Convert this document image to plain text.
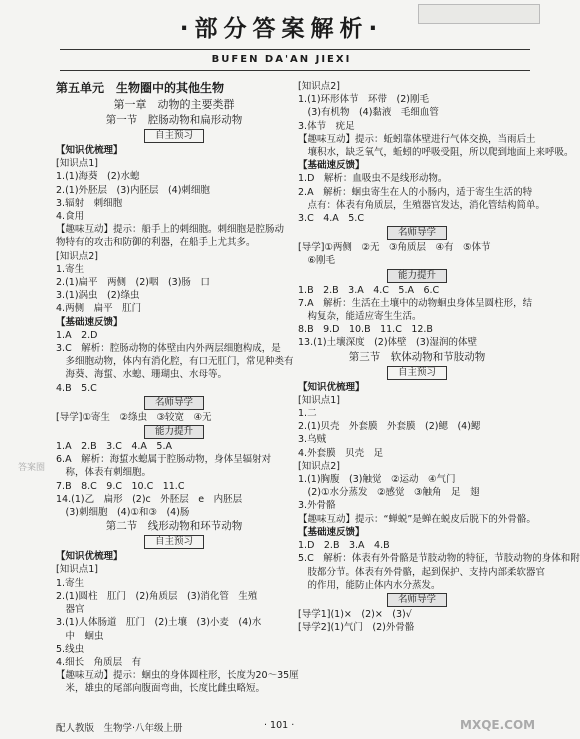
·部分答案解析·
BUFEN DA'AN JIEXI
第五单元　生物圈中的其他生物
第一章　动物的主要类群
第一节　腔肠动物和扁形动物
自主预习
【知识优梳理】
[知识点1]
1.(1)海葵　(2)水螅
2.(1)外胚层　(3)内胚层　(4)刺细胞
3.辐射　刺细胞
4.食用
【趣味互动】提示：船手上的刺细胞。刺细胞是腔肠动
物特有的攻击和防御的利器，在船手上尤其多。
[知识点2]
1.寄生
2.(1)扁平　两侧　(2)咽　(3)肠　口
3.(1)涡虫　(2)绦虫
4.两侧　扁平　肛门
【基础速反馈】
1.A　2.D
3.C　解析：腔肠动物的体壁由内外两层细胞构成，是
　多细胞动物，体内有消化腔，有口无肛门，常见种类有
　海葵、海蜇、水螅、珊瑚虫、水母等。
4.B　5.C
名师导学
[导学]①寄生　②绦虫　③较宽　④无
能力提升
1.A　2.B　3.C　4.A　5.A
6.A　解析：海蜇水螅属于腔肠动物，身体呈辐射对
　称，体表有刺细胞。
7.B　8.C　9.C　10.C　11.C
14.(1)乙　扁形　(2)c　外胚层　e　内胚层
　(3)刺细胞　(4)①和③　(4)肠
第二节　线形动物和环节动物
自主预习
【知识优梳理】
[知识点1]
1.寄生
2.(1)圆柱　肛门　(2)角质层　(3)消化管　生殖
　器官
3.(1)人体肠道　肛门　(2)土壤　(3)小麦　(4)水
　中　蛔虫
5.线虫
4.细长　角质层　有
【趣味互动】提示：蛔虫的身体圆柱形，长度为20～35厘
　米，雄虫的尾部向腹面弯曲，长度比雌虫略短。
[知识点2]
1.(1)环形体节　环带　(2)刚毛
　(3)有机物　(4)黏液　毛细血管
3.体节　疣足
【趣味互动】提示：蚯蚓靠体壁进行气体交换，当雨后土
　壤积水，缺乏氧气，蚯蚓的呼吸受阻，所以爬到地面上来呼吸。
【基础速反馈】
1.D　解析：血吸虫不是线形动物。
2.A　解析：蛔虫寄生在人的小肠内，适于寄生生活的特
　点有：体表有角质层，生殖器官发达，消化管结构简单。
3.C　4.A　5.C
名师导学
[导学]①两侧　②无　③角质层　④有　⑤体节
　⑥刚毛
能力提升
1.B　2.B　3.A　4.C　5.A　6.C
7.A　解析：生活在土壤中的动物蛔虫身体呈圆柱形，结
　构复杂，能适应寄生生活。
8.B　9.D　10.B　11.C　12.B
13.(1)土壤深度　(2)体壁　(3)湿润的体壁
第三节　软体动物和节肢动物
自主预习
【知识优梳理】
[知识点1]
1.二
2.(1)贝壳　外套膜　外套膜　(2)鳃　(4)鳃
3.乌贼
4.外套膜　贝壳　足
[知识点2]
1.(1)胸腹　(3)触觉　②运动　④气门
　(2)①水分蒸发　②感觉　③触角　足　翅
3.外骨骼
【趣味互动】提示：“蝉蜕”是蝉在蜕皮后脱下的外骨骼。
【基础速反馈】
1.D　2.B　3.A　4.B
5.C　解析：体表有外骨骼是节肢动物的特征，节肢动物的身体和附
　肢都分节。体表有外骨骼，起到保护、支持内部柔软器官
　的作用，能防止体内水分蒸发。
名师导学
[导学1](1)×　(2)×　(3)√
[导学2](1)气门　(2)外骨骼
配人教版　生物学·八年级上册	· 101 ·
答案圈
MXQE.COM
